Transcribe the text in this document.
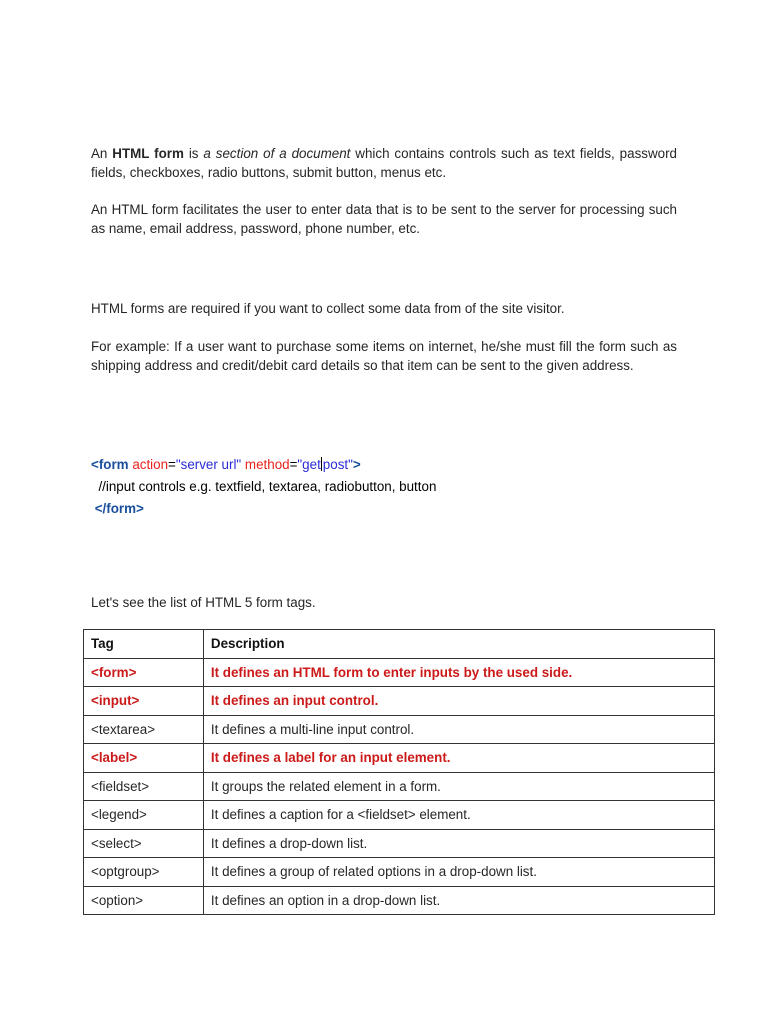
An HTML form is a section of a document which contains controls such as text fields, password fields, checkboxes, radio buttons, submit button, menus etc.

An HTML form facilitates the user to enter data that is to be sent to the server for processing such as name, email address, password, phone number, etc.

HTML forms are required if you want to collect some data from of the site visitor.

For example: If a user want to purchase some items on internet, he/she must fill the form such as shipping address and credit/debit card details so that item can be sent to the given address.

<form action="server url" method="get post">
//input controls e.g. textfield, textarea, radiobutton, button
</form>

Let's see the list of HTML 5 form tags.

Tag	Description
<form>	It defines an HTML form to enter inputs by the used side.
<input>	It defines an input control.
<textarea>	It defines a multi-line input control.
<label>	It defines a label for an input element.
<fieldset>	It groups the related element in a form.
<legend>	It defines a caption for a <fieldset> element.
<select>	It defines a drop-down list.
<optgroup>	It defines a group of related options in a drop-down list.
<option>	It defines an option in a drop-down list.
